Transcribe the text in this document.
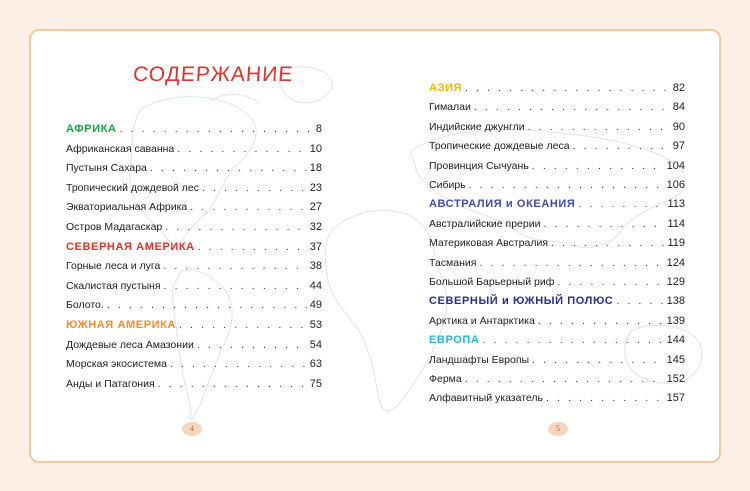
СОДЕРЖАНИЕ
АФРИКА . . .	8
Африканская саванна . . .	10
Пустыня Сахара . . .	18
Тропический дождевой лес . . .	23
Экваториальная Африка . . .	27
Остров Мадагаскар . . .	32
СЕВЕРНАЯ АМЕРИКА . . .	37
Горные леса и луга . . .	38
Скалистая пустыня . . .	44
Болото. . . .	49
ЮЖНАЯ АМЕРИКА . . .	53
Дождевые леса Амазонии . . .	54
Морская экосистема . . .	63
Анды и Патагония . . .	75
АЗИЯ . . .	82
Гималаи . . .	84
Индийские джунгли . . .	90
Тропические дождевые леса . . .	97
Провинция Сычуань . . .	104
Сибирь . . .	106
АВСТРАЛИЯ и ОКЕАНИЯ . . .	113
Австралийские прерии . . .	114
Материковая Австралия . . .	119
Тасмания . . .	124
Большой Барьерный риф . . .	129
СЕВЕРНЫЙ и ЮЖНЫЙ ПОЛЮС . . .	138
Арктика и Антарктика . . .	139
ЕВРОПА . . .	144
Ландшафты Европы . . .	145
Ферма . . .	152
Алфавитный указатель . . .	157
4	5
